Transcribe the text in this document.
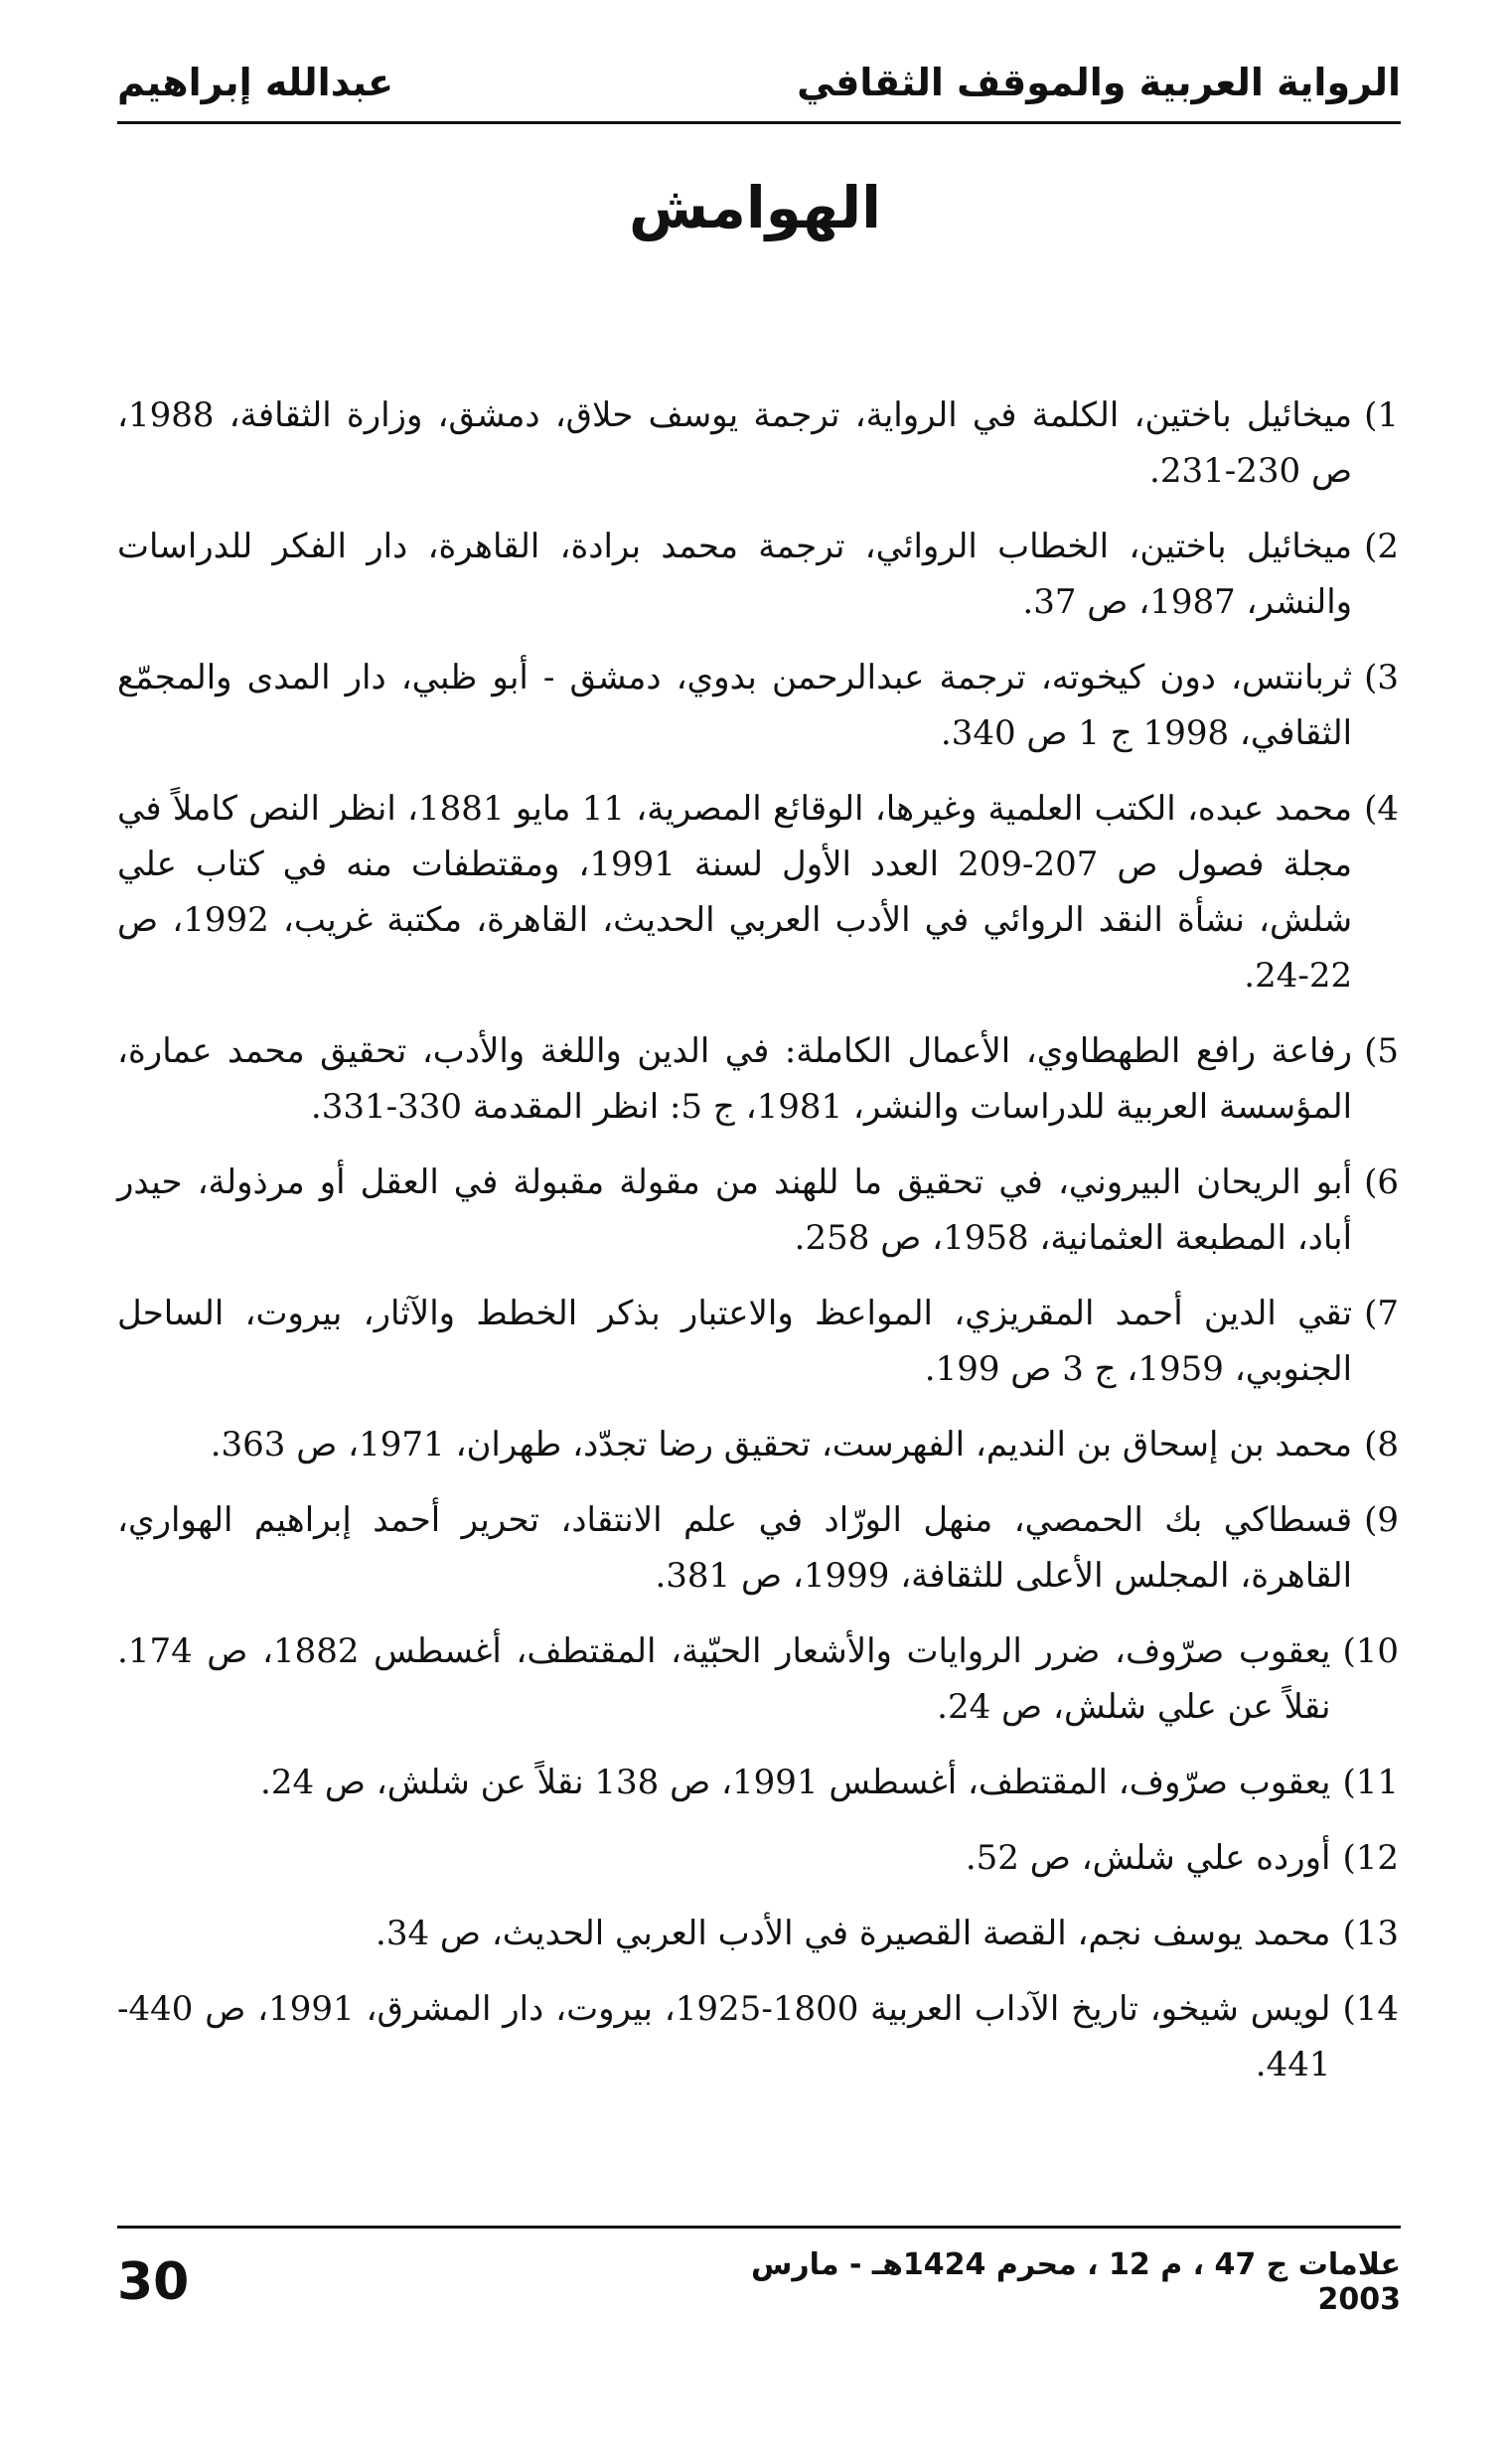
الرواية العربية والموقف الثقافي
عبدالله إبراهيم
الهوامش
1)
ميخائيل باختين، الكلمة في الرواية، ترجمة يوسف حلاق، دمشق، وزارة الثقافة، 1988، ص 230-231.
2)
ميخائيل باختين، الخطاب الروائي، ترجمة محمد برادة، القاهرة، دار الفكر للدراسات والنشر، 1987، ص 37.
3)
ثربانتس، دون كيخوته، ترجمة عبدالرحمن بدوي، دمشق - أبو ظبي، دار المدى والمجمّع الثقافي، 1998 ج 1 ص 340.
4)
محمد عبده، الكتب العلمية وغيرها، الوقائع المصرية، 11 مايو 1881، انظر النص كاملاً في مجلة فصول ص 207-209 العدد الأول لسنة 1991، ومقتطفات منه في كتاب علي شلش، نشأة النقد الروائي في الأدب العربي الحديث، القاهرة، مكتبة غريب، 1992، ص 22-24.
5)
رفاعة رافع الطهطاوي، الأعمال الكاملة: في الدين واللغة والأدب، تحقيق محمد عمارة، المؤسسة العربية للدراسات والنشر، 1981، ج 5: انظر المقدمة 330-331.
6)
أبو الريحان البيروني، في تحقيق ما للهند من مقولة مقبولة في العقل أو مرذولة، حيدر أباد، المطبعة العثمانية، 1958، ص 258.
7)
تقي الدين أحمد المقريزي، المواعظ والاعتبار بذكر الخطط والآثار، بيروت، الساحل الجنوبي، 1959، ج 3 ص 199.
8)
محمد بن إسحاق بن النديم، الفهرست، تحقيق رضا تجدّد، طهران، 1971، ص 363.
9)
قسطاكي بك الحمصي، منهل الورّاد في علم الانتقاد، تحرير أحمد إبراهيم الهواري، القاهرة، المجلس الأعلى للثقافة، 1999، ص 381.
10)
يعقوب صرّوف، ضرر الروايات والأشعار الحبّية، المقتطف، أغسطس 1882، ص 174. نقلاً عن علي شلش، ص 24.
11)
يعقوب صرّوف، المقتطف، أغسطس 1991، ص 138 نقلاً عن شلش، ص 24.
12)
أورده علي شلش، ص 52.
13)
محمد يوسف نجم، القصة القصيرة في الأدب العربي الحديث، ص 34.
14)
لويس شيخو، تاريخ الآداب العربية 1800-1925، بيروت، دار المشرق، 1991، ص 440-441.
علامات ج 47 ، م 12 ، محرم 1424هـ - مارس 2003
30
